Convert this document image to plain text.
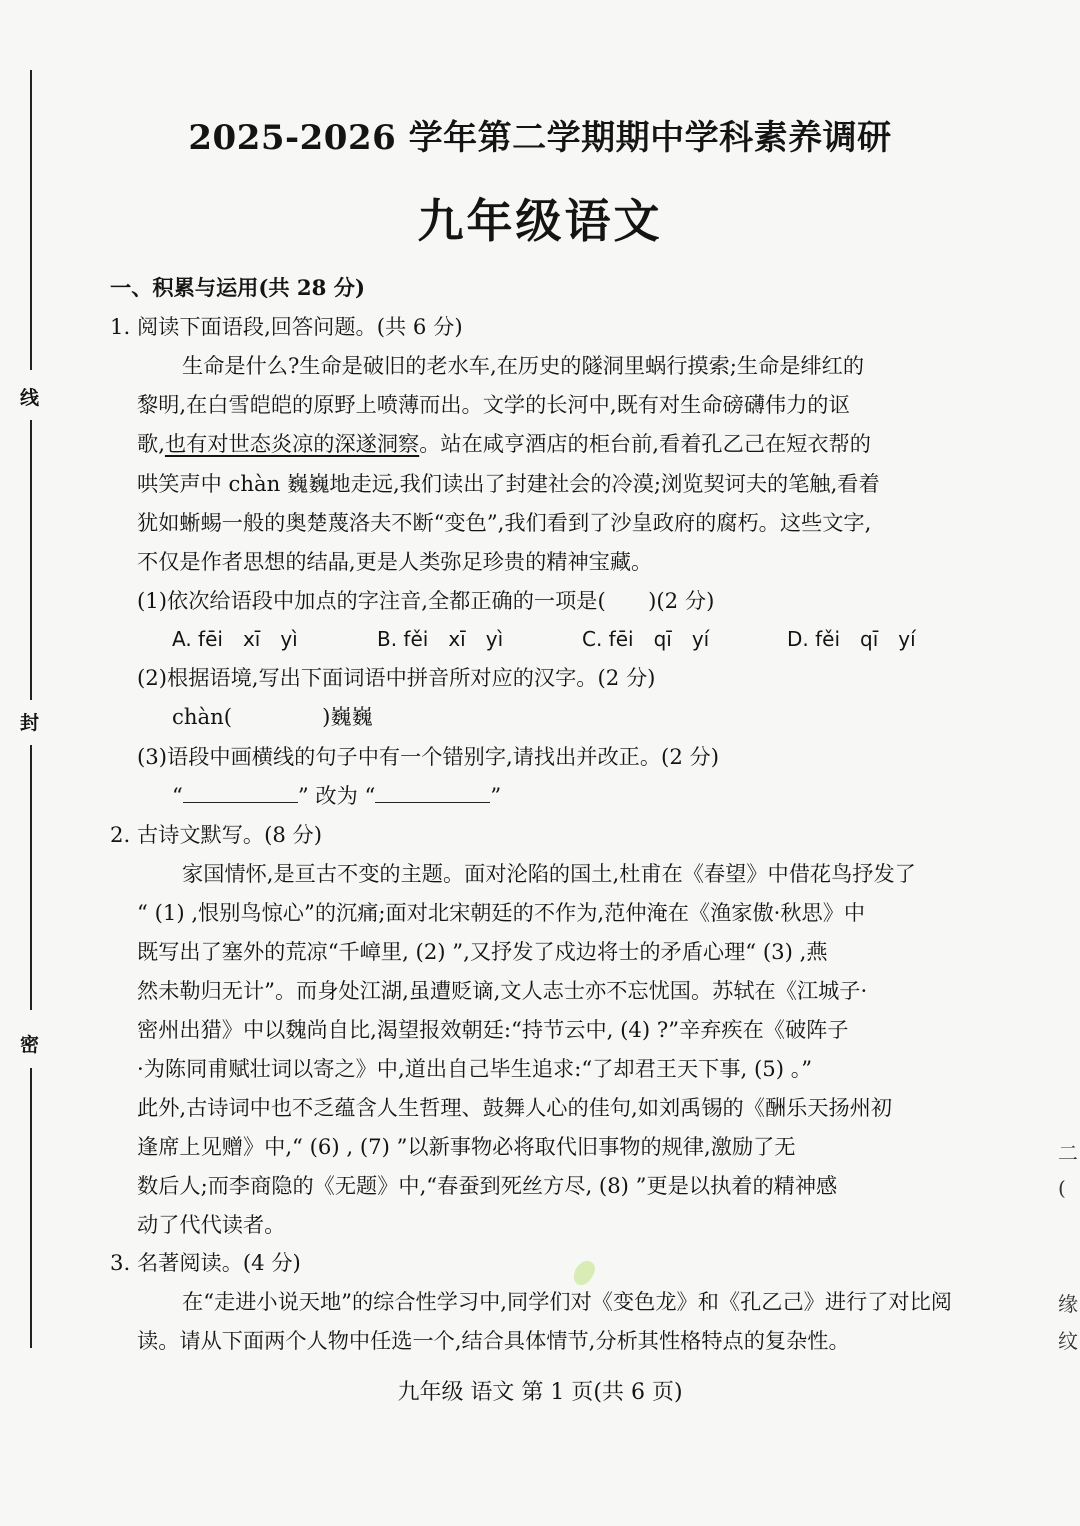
线
封
密
2025-2026 学年第二学期期中学科素养调研
九年级语文

一、积累与运用(共 28 分)

1. 阅读下面语段,回答问题。(共 6 分)

生命是什么?生命是破旧的老水车,在历史的隧洞里蜗行摸索;生命是绯红的

黎明,在白雪皑皑的原野上喷薄而出。文学的长河中,既有对生命磅礴伟力的讴

歌,也有对世态炎凉的深遂洞察。站在咸亨酒店的柜台前,看着孔乙己在短衣帮的

哄笑声中 chàn 巍巍地走远,我们读出了封建社会的冷漠;浏览契诃夫的笔触,看着

犹如蜥蜴一般的奥楚蔑洛夫不断“变色”,我们看到了沙皇政府的腐朽。这些文字,

不仅是作者思想的结晶,更是人类弥足珍贵的精神宝藏。

(1)依次给语段中加点的字注音,全都正确的一项是(　　)(2 分)

A. fēi　xī　yì	B. fěi　xī　yì	C. fēi　qī　yí	D. fěi　qī　yí

(2)根据语境,写出下面词语中拼音所对应的汉字。(2 分)

chàn(	)巍巍

(3)语段中画横线的句子中有一个错别字,请找出并改正。(2 分)

“	” 改为 “	”

2. 古诗文默写。(8 分)

家国情怀,是亘古不变的主题。面对沦陷的国土,杜甫在《春望》中借花鸟抒发了

“ (1) ,恨别鸟惊心”的沉痛;面对北宋朝廷的不作为,范仲淹在《渔家傲·秋思》中

既写出了塞外的荒凉“千嶂里, (2) ”,又抒发了戍边将士的矛盾心理“ (3) ,燕

然未勒归无计”。而身处江湖,虽遭贬谪,文人志士亦不忘忧国。苏轼在《江城子·

密州出猎》中以魏尚自比,渴望报效朝廷:“持节云中, (4) ?”辛弃疾在《破阵子

·为陈同甫赋壮词以寄之》中,道出自己毕生追求:“了却君王天下事, (5) 。”

此外,古诗词中也不乏蕴含人生哲理、鼓舞人心的佳句,如刘禹锡的《酬乐天扬州初

逢席上见赠》中,“ (6) , (7) ”以新事物必将取代旧事物的规律,激励了无

数后人;而李商隐的《无题》中,“春蚕到死丝方尽, (8) ”更是以执着的精神感

动了代代读者。

3. 名著阅读。(4 分)

在“走进小说天地”的综合性学习中,同学们对《变色龙》和《孔乙己》进行了对比阅

读。请从下面两个人物中任选一个,结合具体情节,分析其性格特点的复杂性。

九年级 语文 第 1 页(共 6 页)
二
(
缘
纹
